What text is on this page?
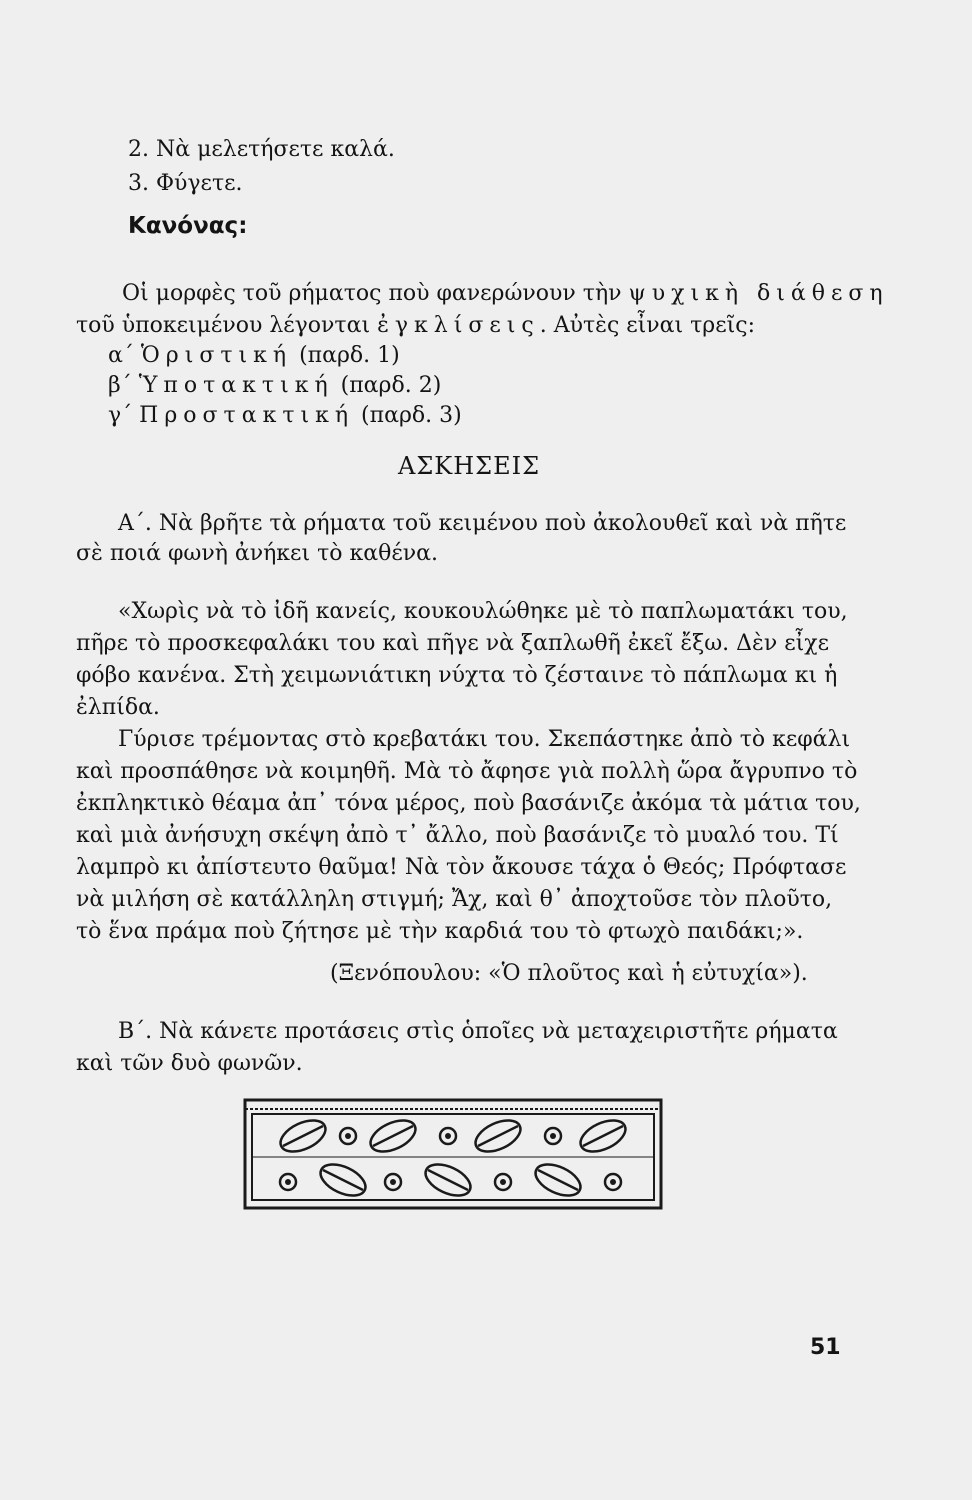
2. Νὰ μελετήσετε καλά.
3. Φύγετε.
Κανόνας:
Οἱ μορφὲς τοῦ ρήματος ποὺ φανερώνουν τὴν ψυχικὴ διάθεση
τοῦ ὑποκειμένου λέγονται ἐγκλίσεις. Αὐτὲς εἶναι τρεῖς:
α΄ Ὁριστική (παρδ. 1)
β΄ Ὑποτακτική (παρδ. 2)
γ΄ Προστακτική (παρδ. 3)
ΑΣΚΗΣΕΙΣ
Α΄. Νὰ βρῆτε τὰ ρήματα τοῦ κειμένου ποὺ ἀκολουθεῖ καὶ νὰ πῆτε
σὲ ποιά φωνὴ ἀνήκει τὸ καθένα.
«Χωρὶς νὰ τὸ ἰδῆ κανείς, κουκουλώθηκε μὲ τὸ παπλωματάκι του,
πῆρε τὸ προσκεφαλάκι του καὶ πῆγε νὰ ξαπλωθῆ ἐκεῖ ἔξω. Δὲν εἶχε
φόβο κανένα. Στὴ χειμωνιάτικη νύχτα τὸ ζέσταινε τὸ πάπλωμα κι ἡ
ἐλπίδα.
Γύρισε τρέμοντας στὸ κρεβατάκι του. Σκεπάστηκε ἀπὸ τὸ κεφάλι
καὶ προσπάθησε νὰ κοιμηθῆ. Μὰ τὸ ἄφησε γιὰ πολλὴ ὥρα ἄγρυπνο τὸ
ἐκπληκτικὸ θέαμα ἀπ᾿ τόνα μέρος, ποὺ βασάνιζε ἀκόμα τὰ μάτια του,
καὶ μιὰ ἀνήσυχη σκέψη ἀπὸ τ᾿ ἄλλο, ποὺ βασάνιζε τὸ μυαλό του. Τί
λαμπρὸ κι ἀπίστευτο θαῦμα! Νὰ τὸν ἄκουσε τάχα ὁ Θεός; Πρόφτασε
νὰ μιλήση σὲ κατάλληλη στιγμή; Ἄχ, καὶ θ᾿ ἀποχτοῦσε τὸν πλοῦτο,
τὸ ἕνα πράμα ποὺ ζήτησε μὲ τὴν καρδιά του τὸ φτωχὸ παιδάκι;».
(Ξενόπουλου: «Ὁ πλοῦτος καὶ ἡ εὐτυχία»).
Β΄. Νὰ κάνετε προτάσεις στὶς ὁποῖες νὰ μεταχειριστῆτε ρήματα
καὶ τῶν δυὸ φωνῶν.
51
